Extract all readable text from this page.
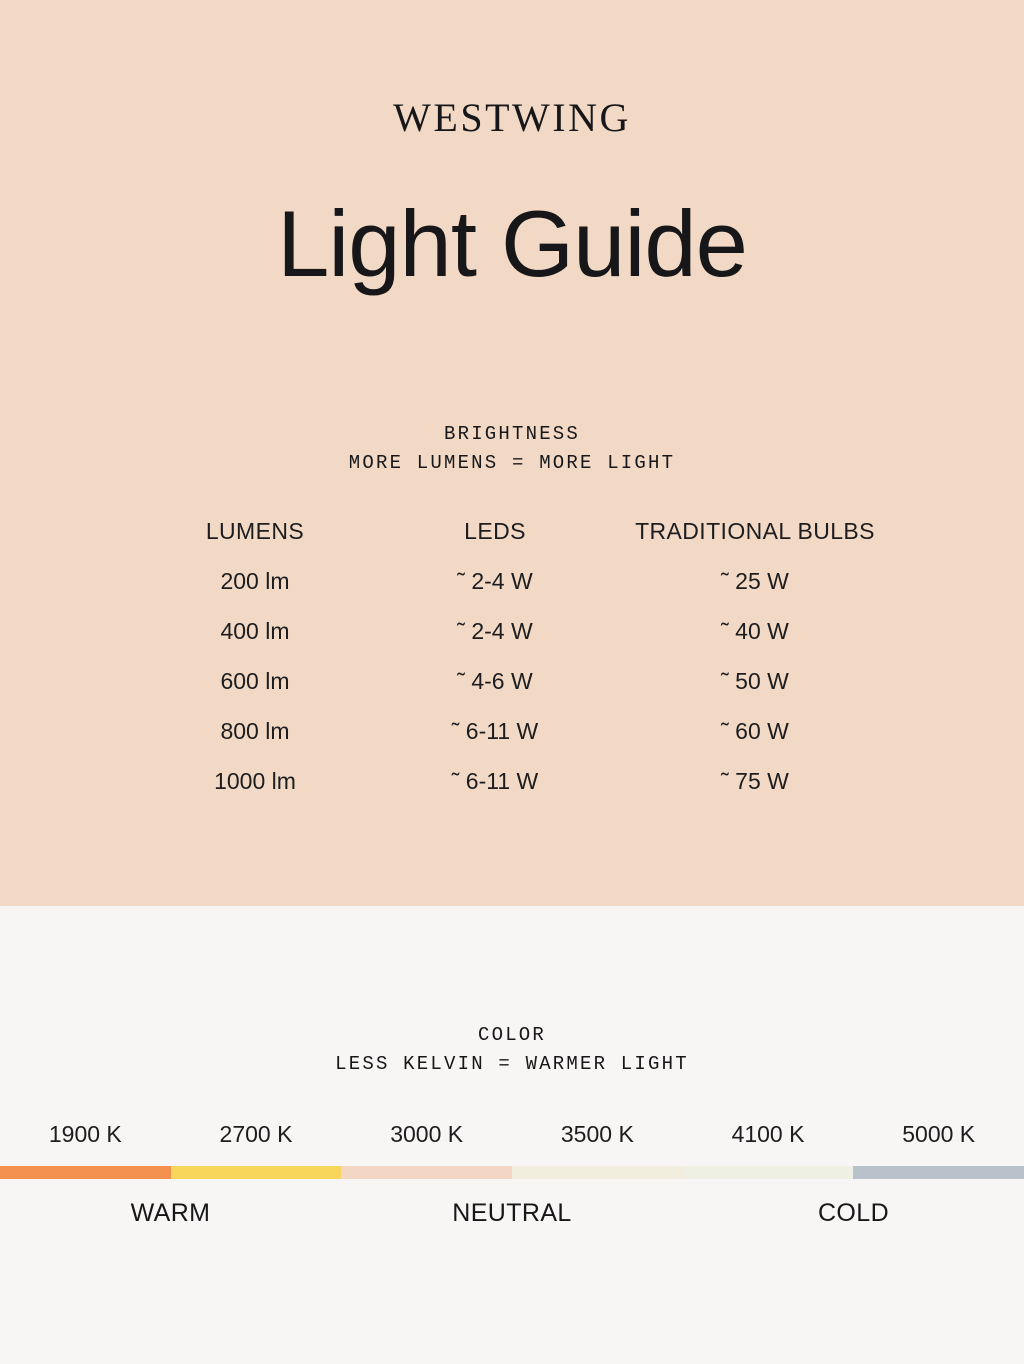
WESTWING
Light Guide
BRIGHTNESS
MORE LUMENS = MORE LIGHT
LUMENS	LEDS	TRADITIONAL BULBS
200 lm	˜ 2-4 W	˜ 25 W
400 lm	˜ 2-4 W	˜ 40 W
600 lm	˜ 4-6 W	˜ 50 W
800 lm	˜ 6-11 W	˜ 60 W
1000 lm	˜ 6-11 W	˜ 75 W
COLOR
LESS KELVIN = WARMER LIGHT
1900 K	2700 K	3000 K	3500 K	4100 K	5000 K
WARM	NEUTRAL	COLD
